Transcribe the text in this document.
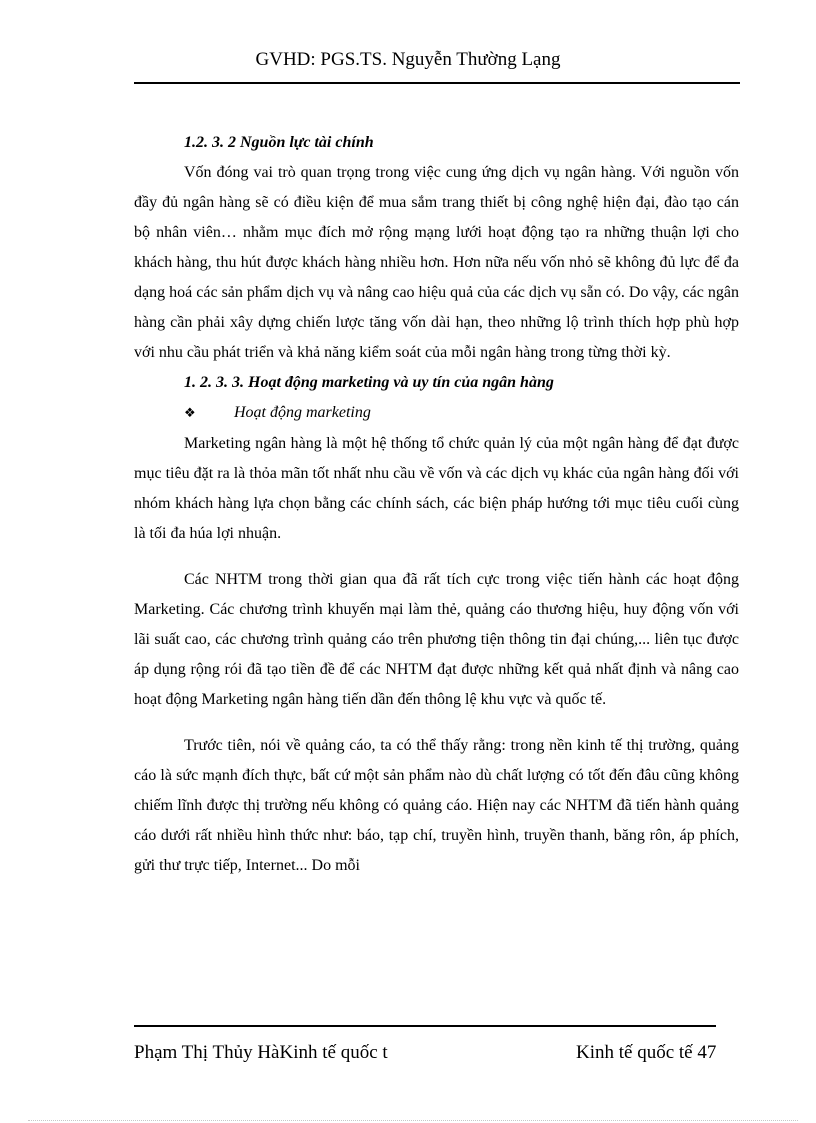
GVHD: PGS.TS. Nguyễn Thường Lạng
1.2. 3. 2 Nguồn lực tài chính

Vốn đóng vai trò quan trọng trong việc cung ứng dịch vụ ngân hàng. Với nguồn vốn đầy đủ ngân hàng sẽ có điều kiện để mua sắm trang thiết bị công nghệ hiện đại, đào tạo cán bộ nhân viên… nhằm mục đích mở rộng mạng lưới hoạt động tạo ra những thuận lợi cho khách hàng, thu hút được khách hàng nhiều hơn. Hơn nữa nếu vốn nhỏ sẽ không đủ lực để đa dạng hoá các sản phẩm dịch vụ và nâng cao hiệu quả của các dịch vụ sẵn có. Do vậy, các ngân hàng cần phải xây dựng chiến lược tăng vốn dài hạn, theo những lộ trình thích hợp phù hợp với nhu cầu phát triển và khả năng kiểm soát của mỗi ngân hàng trong từng thời kỳ.

1. 2. 3. 3. Hoạt động marketing và uy tín của ngân hàng
❖ Hoạt động marketing

Marketing ngân hàng là một hệ thống tổ chức quản lý của một ngân hàng để đạt được mục tiêu đặt ra là thỏa mãn tốt nhất nhu cầu về vốn và các dịch vụ khác của ngân hàng đối với nhóm khách hàng lựa chọn bằng các chính sách, các biện pháp hướng tới mục tiêu cuối cùng là tối đa húa lợi nhuận.

Các NHTM trong thời gian qua đã rất tích cực trong việc tiến hành các hoạt động Marketing. Các chương trình khuyến mại làm thẻ, quảng cáo thương hiệu, huy động vốn với lãi suất cao, các chương trình quảng cáo trên phương tiện thông tin đại chúng,... liên tục được áp dụng rộng rói đã tạo tiền đề để các NHTM đạt được những kết quả nhất định và nâng cao hoạt động Marketing ngân hàng tiến dần đến thông lệ khu vực và quốc tế.

Trước tiên, nói về quảng cáo, ta có thể thấy rằng: trong nền kinh tế thị trường, quảng cáo là sức mạnh đích thực, bất cứ một sản phẩm nào dù chất lượng có tốt đến đâu cũng không chiếm lĩnh được thị trường nếu không có quảng cáo. Hiện nay các NHTM đã tiến hành quảng cáo dưới rất nhiều hình thức như: báo, tạp chí, truyền hình, truyền thanh, băng rôn, áp phích, gửi thư trực tiếp, Internet... Do mỗi

Phạm Thị Thủy HàKinh tế quốc t	Kinh tế quốc tế 47
